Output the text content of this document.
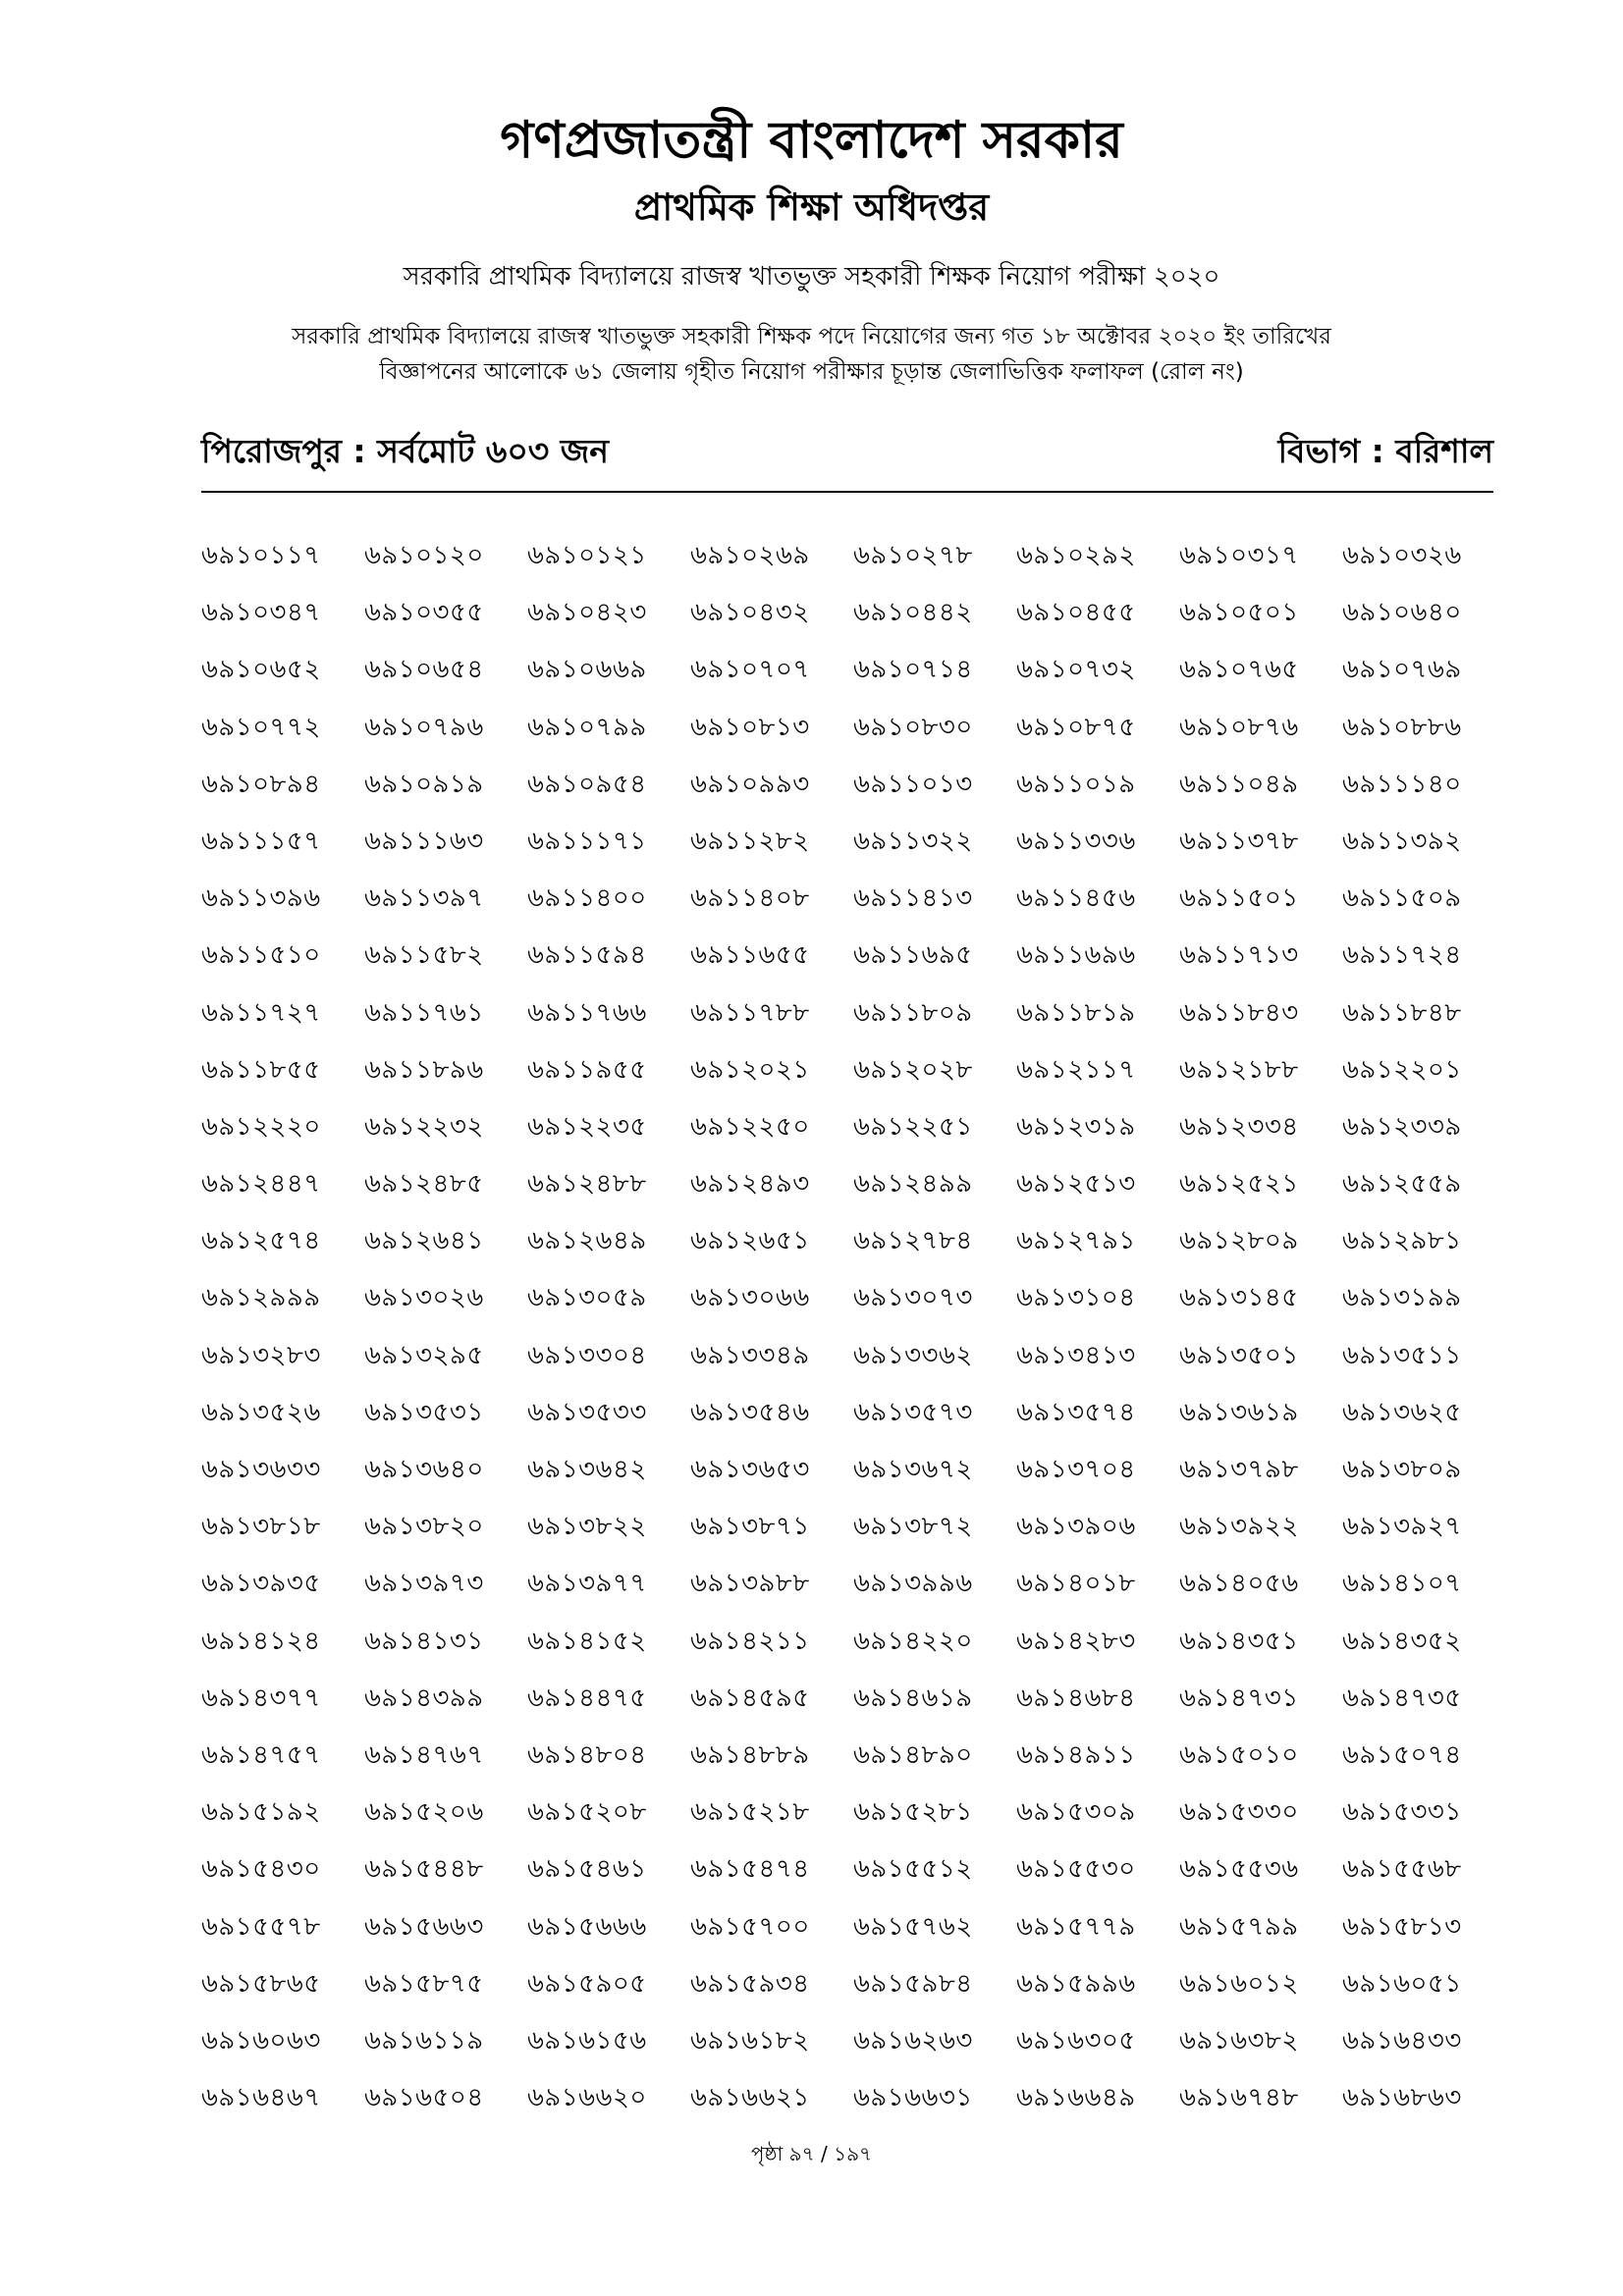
গণপ্রজাতন্ত্রী বাংলাদেশ সরকার
প্রাথমিক শিক্ষা অধিদপ্তর
সরকারি প্রাথমিক বিদ্যালয়ে রাজস্ব খাতভুক্ত সহকারী শিক্ষক নিয়োগ পরীক্ষা ২০২০
সরকারি প্রাথমিক বিদ্যালয়ে রাজস্ব খাতভুক্ত সহকারী শিক্ষক পদে নিয়োগের জন্য গত ১৮ অক্টোবর ২০২০ ইং তারিখের
বিজ্ঞাপনের আলোকে ৬১ জেলায় গৃহীত নিয়োগ পরীক্ষার চূড়ান্ত জেলাভিত্তিক ফলাফল (রোল নং)
পিরোজপুর : সর্বমোট ৬০৩ জন	বিভাগ : বরিশাল
৬৯১০১১৭	৬৯১০১২০	৬৯১০১২১	৬৯১০২৬৯	৬৯১০২৭৮	৬৯১০২৯২	৬৯১০৩১৭	৬৯১০৩২৬
৬৯১০৩৪৭	৬৯১০৩৫৫	৬৯১০৪২৩	৬৯১০৪৩২	৬৯১০৪৪২	৬৯১০৪৫৫	৬৯১০৫০১	৬৯১০৬৪০
৬৯১০৬৫২	৬৯১০৬৫৪	৬৯১০৬৬৯	৬৯১০৭০৭	৬৯১০৭১৪	৬৯১০৭৩২	৬৯১০৭৬৫	৬৯১০৭৬৯
৬৯১০৭৭২	৬৯১০৭৯৬	৬৯১০৭৯৯	৬৯১০৮১৩	৬৯১০৮৩০	৬৯১০৮৭৫	৬৯১০৮৭৬	৬৯১০৮৮৬
৬৯১০৮৯৪	৬৯১০৯১৯	৬৯১০৯৫৪	৬৯১০৯৯৩	৬৯১১০১৩	৬৯১১০১৯	৬৯১১০৪৯	৬৯১১১৪০
৬৯১১১৫৭	৬৯১১১৬৩	৬৯১১১৭১	৬৯১১২৮২	৬৯১১৩২২	৬৯১১৩৩৬	৬৯১১৩৭৮	৬৯১১৩৯২
৬৯১১৩৯৬	৬৯১১৩৯৭	৬৯১১৪০০	৬৯১১৪০৮	৬৯১১৪১৩	৬৯১১৪৫৬	৬৯১১৫০১	৬৯১১৫০৯
৬৯১১৫১০	৬৯১১৫৮২	৬৯১১৫৯৪	৬৯১১৬৫৫	৬৯১১৬৯৫	৬৯১১৬৯৬	৬৯১১৭১৩	৬৯১১৭২৪
৬৯১১৭২৭	৬৯১১৭৬১	৬৯১১৭৬৬	৬৯১১৭৮৮	৬৯১১৮০৯	৬৯১১৮১৯	৬৯১১৮৪৩	৬৯১১৮৪৮
৬৯১১৮৫৫	৬৯১১৮৯৬	৬৯১১৯৫৫	৬৯১২০২১	৬৯১২০২৮	৬৯১২১১৭	৬৯১২১৮৮	৬৯১২২০১
৬৯১২২২০	৬৯১২২৩২	৬৯১২২৩৫	৬৯১২২৫০	৬৯১২২৫১	৬৯১২৩১৯	৬৯১২৩৩৪	৬৯১২৩৩৯
৬৯১২৪৪৭	৬৯১২৪৮৫	৬৯১২৪৮৮	৬৯১২৪৯৩	৬৯১২৪৯৯	৬৯১২৫১৩	৬৯১২৫২১	৬৯১২৫৫৯
৬৯১২৫৭৪	৬৯১২৬৪১	৬৯১২৬৪৯	৬৯১২৬৫১	৬৯১২৭৮৪	৬৯১২৭৯১	৬৯১২৮০৯	৬৯১২৯৮১
৬৯১২৯৯৯	৬৯১৩০২৬	৬৯১৩০৫৯	৬৯১৩০৬৬	৬৯১৩০৭৩	৬৯১৩১০৪	৬৯১৩১৪৫	৬৯১৩১৯৯
৬৯১৩২৮৩	৬৯১৩২৯৫	৬৯১৩৩০৪	৬৯১৩৩৪৯	৬৯১৩৩৬২	৬৯১৩৪১৩	৬৯১৩৫০১	৬৯১৩৫১১
৬৯১৩৫২৬	৬৯১৩৫৩১	৬৯১৩৫৩৩	৬৯১৩৫৪৬	৬৯১৩৫৭৩	৬৯১৩৫৭৪	৬৯১৩৬১৯	৬৯১৩৬২৫
৬৯১৩৬৩৩	৬৯১৩৬৪০	৬৯১৩৬৪২	৬৯১৩৬৫৩	৬৯১৩৬৭২	৬৯১৩৭০৪	৬৯১৩৭৯৮	৬৯১৩৮০৯
৬৯১৩৮১৮	৬৯১৩৮২০	৬৯১৩৮২২	৬৯১৩৮৭১	৬৯১৩৮৭২	৬৯১৩৯০৬	৬৯১৩৯২২	৬৯১৩৯২৭
৬৯১৩৯৩৫	৬৯১৩৯৭৩	৬৯১৩৯৭৭	৬৯১৩৯৮৮	৬৯১৩৯৯৬	৬৯১৪০১৮	৬৯১৪০৫৬	৬৯১৪১০৭
৬৯১৪১২৪	৬৯১৪১৩১	৬৯১৪১৫২	৬৯১৪২১১	৬৯১৪২২০	৬৯১৪২৮৩	৬৯১৪৩৫১	৬৯১৪৩৫২
৬৯১৪৩৭৭	৬৯১৪৩৯৯	৬৯১৪৪৭৫	৬৯১৪৫৯৫	৬৯১৪৬১৯	৬৯১৪৬৮৪	৬৯১৪৭৩১	৬৯১৪৭৩৫
৬৯১৪৭৫৭	৬৯১৪৭৬৭	৬৯১৪৮০৪	৬৯১৪৮৮৯	৬৯১৪৮৯০	৬৯১৪৯১১	৬৯১৫০১০	৬৯১৫০৭৪
৬৯১৫১৯২	৬৯১৫২০৬	৬৯১৫২০৮	৬৯১৫২১৮	৬৯১৫২৮১	৬৯১৫৩০৯	৬৯১৫৩৩০	৬৯১৫৩৩১
৬৯১৫৪৩০	৬৯১৫৪৪৮	৬৯১৫৪৬১	৬৯১৫৪৭৪	৬৯১৫৫১২	৬৯১৫৫৩০	৬৯১৫৫৩৬	৬৯১৫৫৬৮
৬৯১৫৫৭৮	৬৯১৫৬৬৩	৬৯১৫৬৬৬	৬৯১৫৭০০	৬৯১৫৭৬২	৬৯১৫৭৭৯	৬৯১৫৭৯৯	৬৯১৫৮১৩
৬৯১৫৮৬৫	৬৯১৫৮৭৫	৬৯১৫৯০৫	৬৯১৫৯৩৪	৬৯১৫৯৮৪	৬৯১৫৯৯৬	৬৯১৬০১২	৬৯১৬০৫১
৬৯১৬০৬৩	৬৯১৬১১৯	৬৯১৬১৫৬	৬৯১৬১৮২	৬৯১৬২৬৩	৬৯১৬৩০৫	৬৯১৬৩৮২	৬৯১৬৪৩৩
৬৯১৬৪৬৭	৬৯১৬৫০৪	৬৯১৬৬২০	৬৯১৬৬২১	৬৯১৬৬৩১	৬৯১৬৬৪৯	৬৯১৬৭৪৮	৬৯১৬৮৬৩
পৃষ্ঠা ৯৭ / ১৯৭
